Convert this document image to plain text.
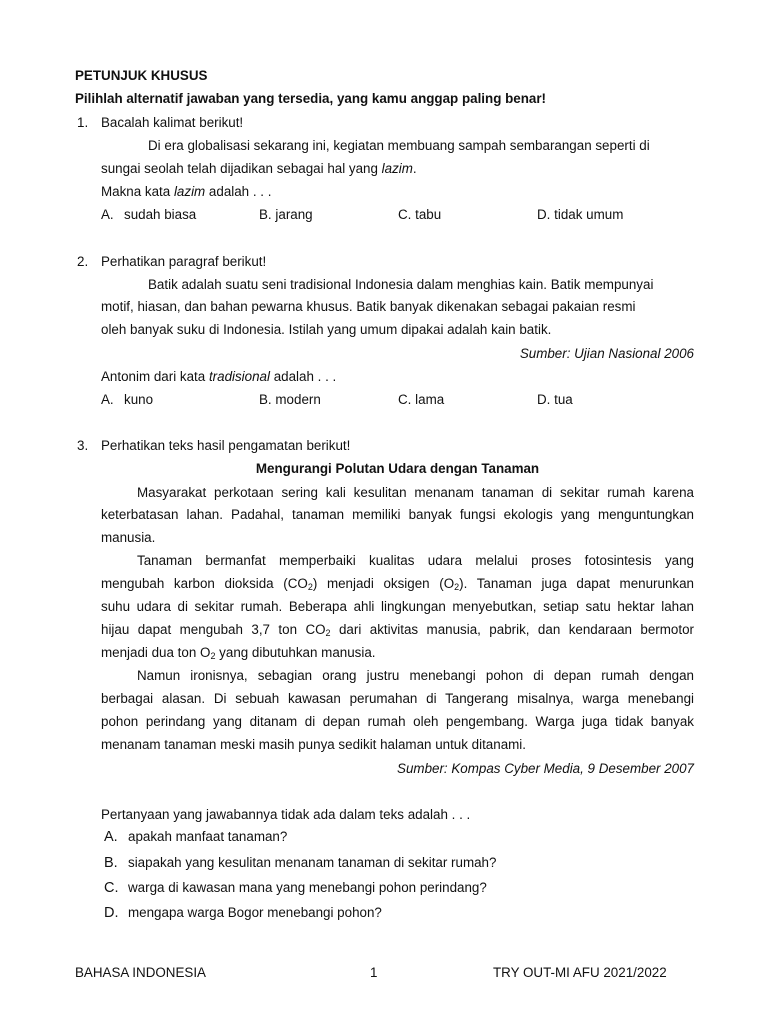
PETUNJUK KHUSUS
Pilihlah alternatif jawaban yang tersedia, yang kamu anggap paling benar!
1. Bacalah kalimat berikut!
Di era globalisasi sekarang ini, kegiatan membuang sampah sembarangan seperti di
sungai seolah telah dijadikan sebagai hal yang lazim.
Makna kata lazim adalah . . .
A. sudah biasa	B. jarang	C. tabu	D. tidak umum
2. Perhatikan paragraf berikut!
Batik adalah suatu seni tradisional Indonesia dalam menghias kain. Batik mempunyai
motif, hiasan, dan bahan pewarna khusus. Batik banyak dikenakan sebagai pakaian resmi
oleh banyak suku di Indonesia. Istilah yang umum dipakai adalah kain batik.
Sumber: Ujian Nasional 2006
Antonim dari kata tradisional adalah . . .
A. kuno	B. modern	C. lama	D. tua
3. Perhatikan teks hasil pengamatan berikut!
Mengurangi Polutan Udara dengan Tanaman
Masyarakat perkotaan sering kali kesulitan menanam tanaman di sekitar rumah karena
keterbatasan lahan. Padahal, tanaman memiliki banyak fungsi ekologis yang menguntungkan
manusia.
Tanaman bermanfat memperbaiki kualitas udara melalui proses fotosintesis yang
mengubah karbon dioksida $(CO_2)$ menjadi oksigen $(O_2)$. Tanaman juga dapat menurunkan
suhu udara di sekitar rumah. Beberapa ahli lingkungan menyebutkan, setiap satu hektar lahan
hijau dapat mengubah 3,7 ton $CO_2$ dari aktivitas manusia, pabrik, dan kendaraan bermotor
menjadi dua ton $O_2$ yang dibutuhkan manusia.
Namun ironisnya, sebagian orang justru menebangi pohon di depan rumah dengan
berbagai alasan. Di sebuah kawasan perumahan di Tangerang misalnya, warga menebangi
pohon perindang yang ditanam di depan rumah oleh pengembang. Warga juga tidak banyak
menanam tanaman meski masih punya sedikit halaman untuk ditanami.
Sumber: Kompas Cyber Media, 9 Desember 2007
Pertanyaan yang jawabannya tidak ada dalam teks adalah . . .
A. apakah manfaat tanaman?
B. siapakah yang kesulitan menanam tanaman di sekitar rumah?
C. warga di kawasan mana yang menebangi pohon perindang?
D. mengapa warga Bogor menebangi pohon?
BAHASA INDONESIA	1	TRY OUT-MI AFU 2021/2022
